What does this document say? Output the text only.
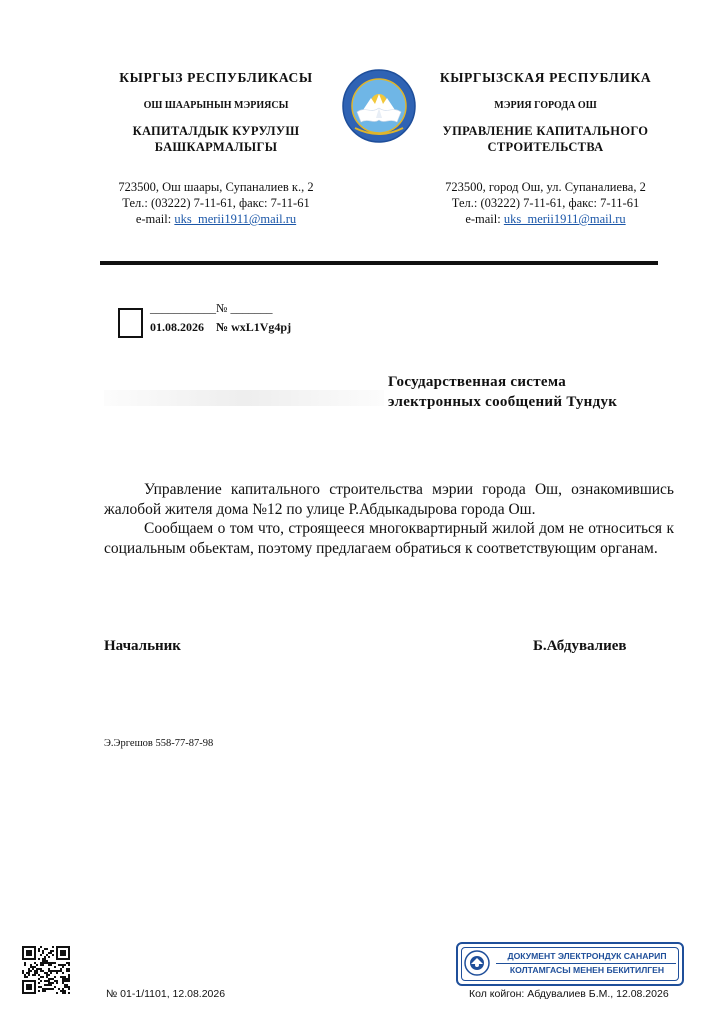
КЫРГЫЗ РЕСПУБЛИКАСЫ
ОШ ШААРЫНЫН МЭРИЯСЫ
КАПИТАЛДЫК КУРУЛУШ
БАШКАРМАЛЫГЫ
723500, Ош шаары, Супаналиев к., 2
Тел.: (03222) 7-11-61, факс: 7-11-61
e-mail: uks_merii1911@mail.ru
КЫРГЫЗСКАЯ РЕСПУБЛИКА
МЭРИЯ ГОРОДА ОШ
УПРАВЛЕНИЕ КАПИТАЛЬНОГО
СТРОИТЕЛЬСТВА
723500, город Ош, ул. Супаналиева, 2
Тел.: (03222) 7-11-61, факс: 7-11-61
e-mail: uks_merii1911@mail.ru
___________№ _______
01.08.2026 № wxL1Vg4pj
Государственная система
электронных сообщений Тундук

Управление капитального строительства мэрии города Ош, ознакомившись жалобой жителя дома №12 по улице Р.Абдыкадырова города Ош.

Сообщаем о том что, строящееся многоквартирный жилой дом не относиться к социальным обьектам, поэтому предлагаем обратиься к соответствующим органам.

Начальник	Б.Абдувалиев
Э.Эргешов 558-77-87-98
№ 01-1/1101, 12.08.2026
ДОКУМЕНТ ЭЛЕКТРОНДУК САНАРИП
КОЛТАМГАСЫ МЕНЕН БЕКИТИЛГЕН
Кол койгон: Абдувалиев Б.М., 12.08.2026
